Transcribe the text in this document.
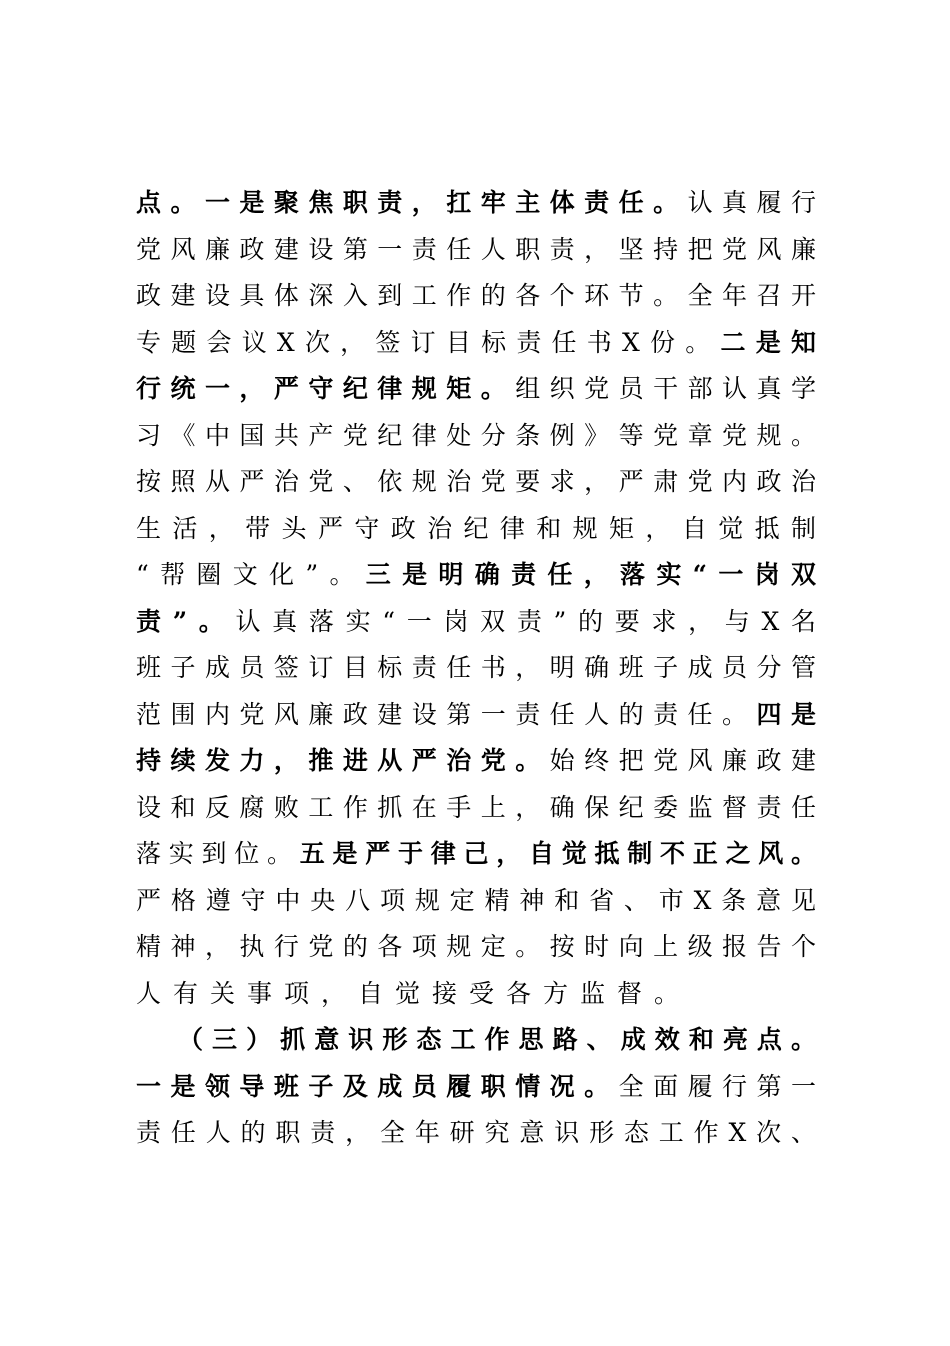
点。一是聚焦职责，扛牢主体责任。认真履行
党风廉政建设第一责任人职责，坚持把党风廉
政建设具体深入到工作的各个环节。全年召开
专题会议X次，签订目标责任书X份。二是知
行统一，严守纪律规矩。组织党员干部认真学
习《中国共产党纪律处分条例》等党章党规。
按照从严治党、依规治党要求，严肃党内政治
生活，带头严守政治纪律和规矩，自觉抵制
“帮圈文化”。三是明确责任，落实“一岗双
责”。认真落实“一岗双责”的要求，与X名
班子成员签订目标责任书，明确班子成员分管
范围内党风廉政建设第一责任人的责任。四是
持续发力，推进从严治党。始终把党风廉政建
设和反腐败工作抓在手上，确保纪委监督责任
落实到位。五是严于律己，自觉抵制不正之风。
严格遵守中央八项规定精神和省、市X条意见
精神，执行党的各项规定。按时向上级报告个
人有关事项，自觉接受各方监督。
（三）抓意识形态工作思路、成效和亮点。
一是领导班子及成员履职情况。全面履行第一
责任人的职责，全年研究意识形态工作X次、
